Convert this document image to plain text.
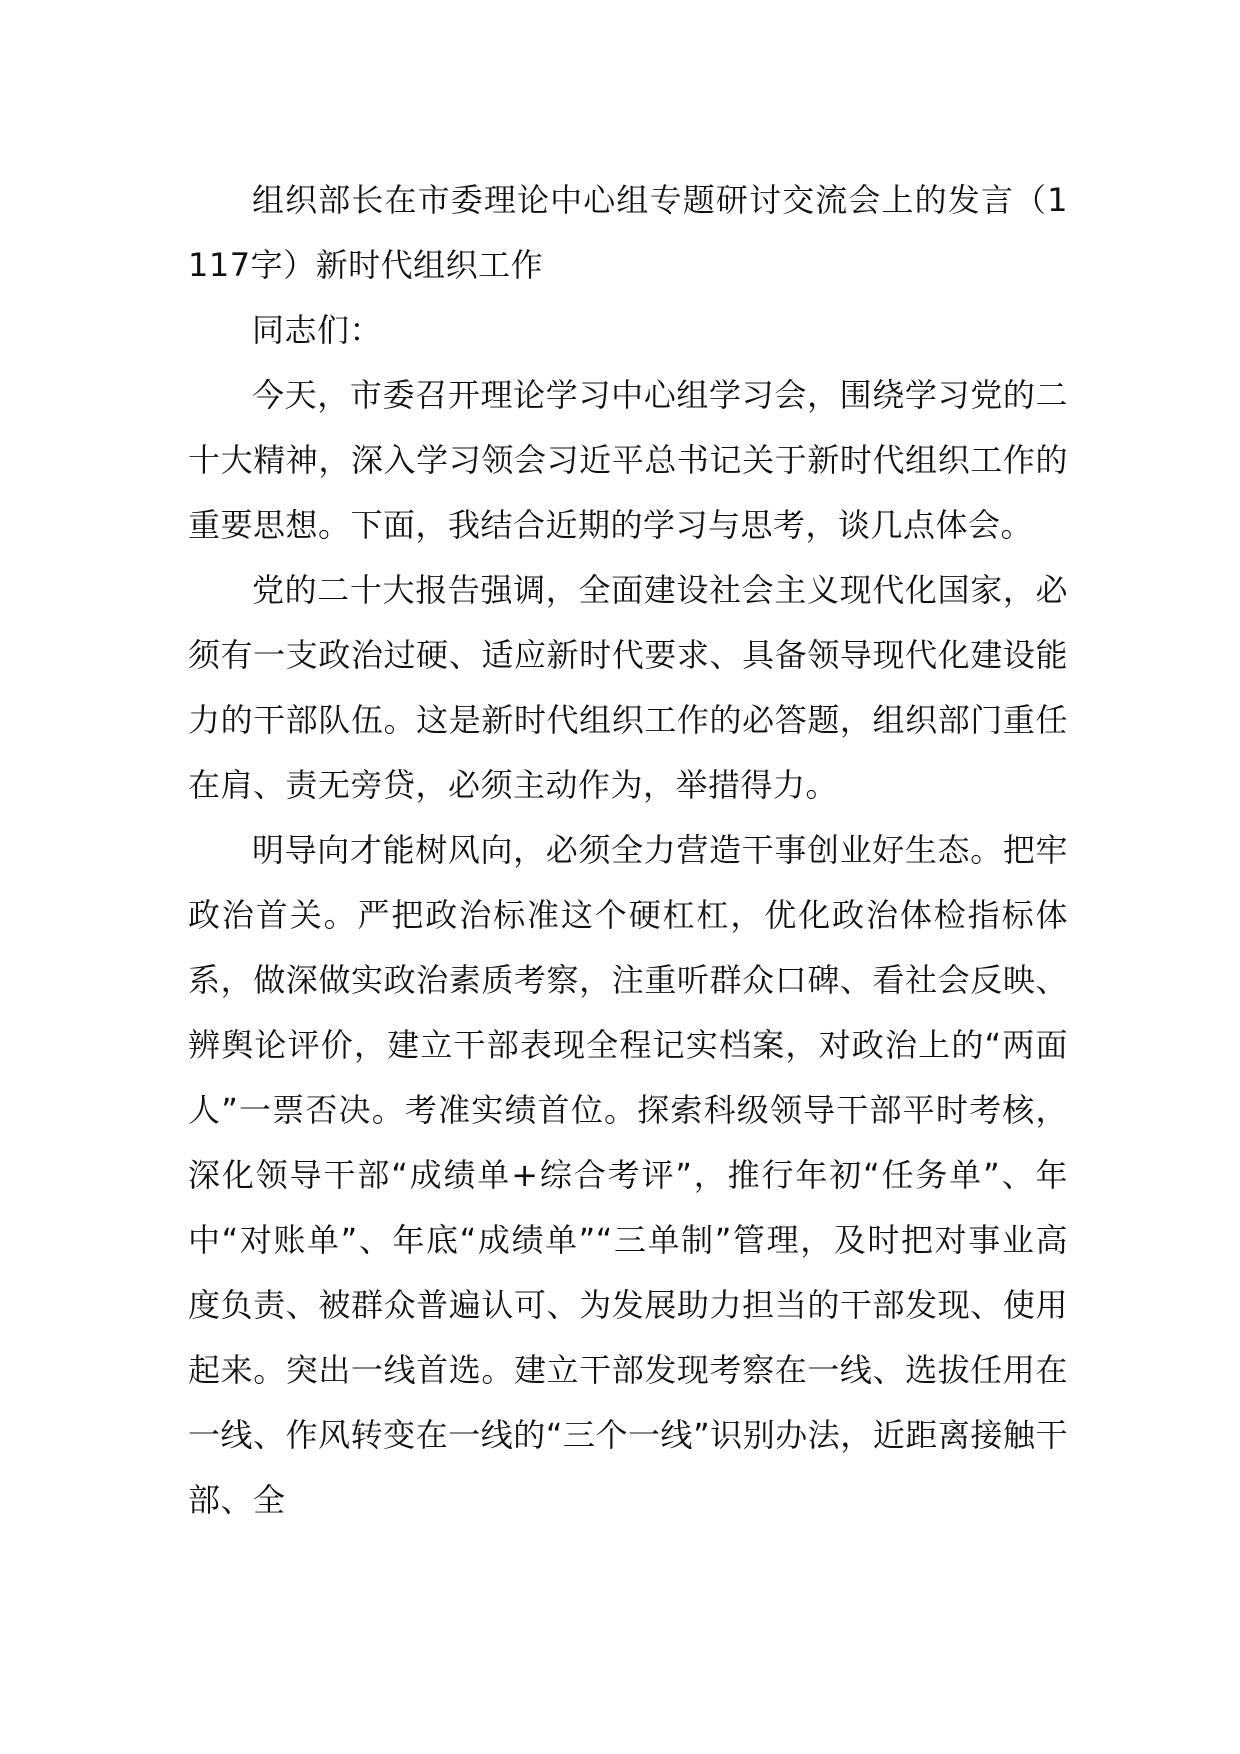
组织部长在市委理论中心组专题研讨交流会上的发言（1117字）新时代组织工作

同志们：

今天，市委召开理论学习中心组学习会，围绕学习党的二十大精神，深入学习领会习近平总书记关于新时代组织工作的重要思想。下面，我结合近期的学习与思考，谈几点体会。

党的二十大报告强调，全面建设社会主义现代化国家，必须有一支政治过硬、适应新时代要求、具备领导现代化建设能力的干部队伍。这是新时代组织工作的必答题，组织部门重任在肩、责无旁贷，必须主动作为，举措得力。

明导向才能树风向，必须全力营造干事创业好生态。把牢政治首关。严把政治标准这个硬杠杠，优化政治体检指标体系，做深做实政治素质考察，注重听群众口碑、看社会反映、辨舆论评价，建立干部表现全程记实档案，对政治上的“两面人”一票否决。考准实绩首位。探索科级领导干部平时考核，深化领导干部“成绩单+综合考评”，推行年初“任务单”、年中“对账单”、年底“成绩单”“三单制”管理，及时把对事业高度负责、被群众普遍认可、为发展助力担当的干部发现、使用起来。突出一线首选。建立干部发现考察在一线、选拔任用在一线、作风转变在一线的“三个一线”识别办法，近距离接触干部、全
